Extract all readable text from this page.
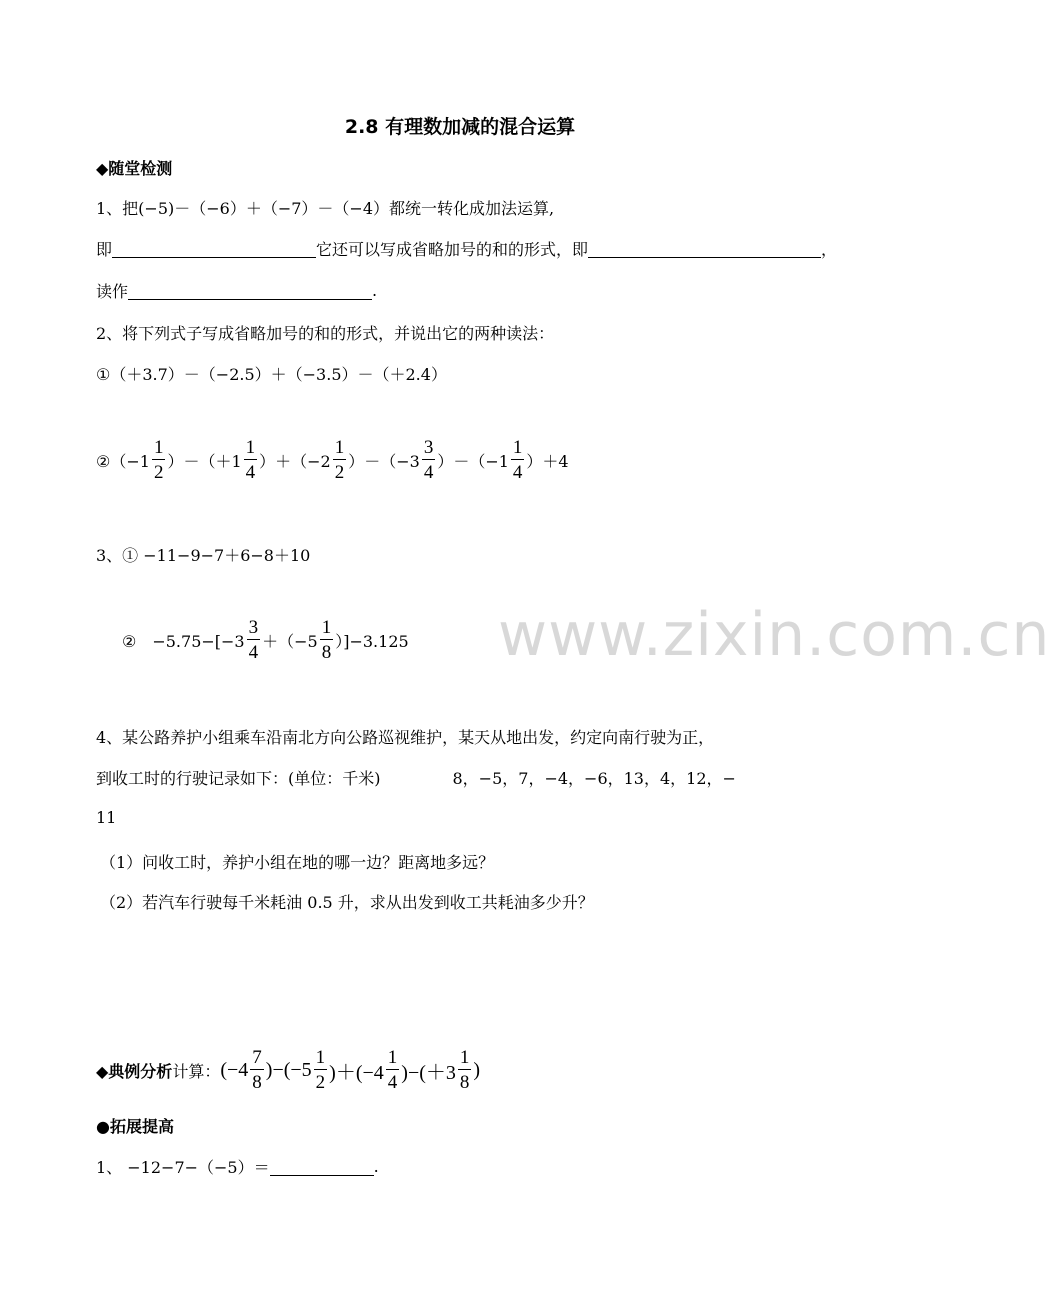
www.zixin.com.cn
2.8 有理数加减的混合运算
◆随堂检测
1、把(−5)－（−6）＋（−7）－（−4）都统一转化成加法运算,
即	它还可以写成省略加号的和的形式，即	，
读作	.
2、将下列式子写成省略加号的和的形式，并说出它的两种读法：
①（＋3.7）－（−2.5）＋（−3.5）－（＋2.4）
②（−1 $\frac{1}{2} )-(+1 \frac{1}{4} )+(-2 \frac{1}{2} )-(-3 \frac{3}{4} )-(-1 \frac{1}{4} )+4$
3、① −11−9−7＋6−8＋10
②　$-5.75-[-3 \frac{3}{4} +(-5 \frac{1}{8} )]-3.125$
4、某公路养护小组乘车沿南北方向公路巡视维护，某天从地出发，约定向南行驶为正，
到收工时的行驶记录如下：(单位：千米)	8，−5，7，−4，−6，13，4，12，−
11
（1）问收工时，养护小组在地的哪一边？距离地多远？
（2）若汽车行驶每千米耗油 0.5 升，求从出发到收工共耗油多少升？
◆典例分析 计算： $(-4 \frac{7}{8} )-(-5 \frac{1}{2} )+(-4 \frac{1}{4} )-(+3 \frac{1}{8}$ )
●拓展提高
1、 −12−7−（−5）＝	.
